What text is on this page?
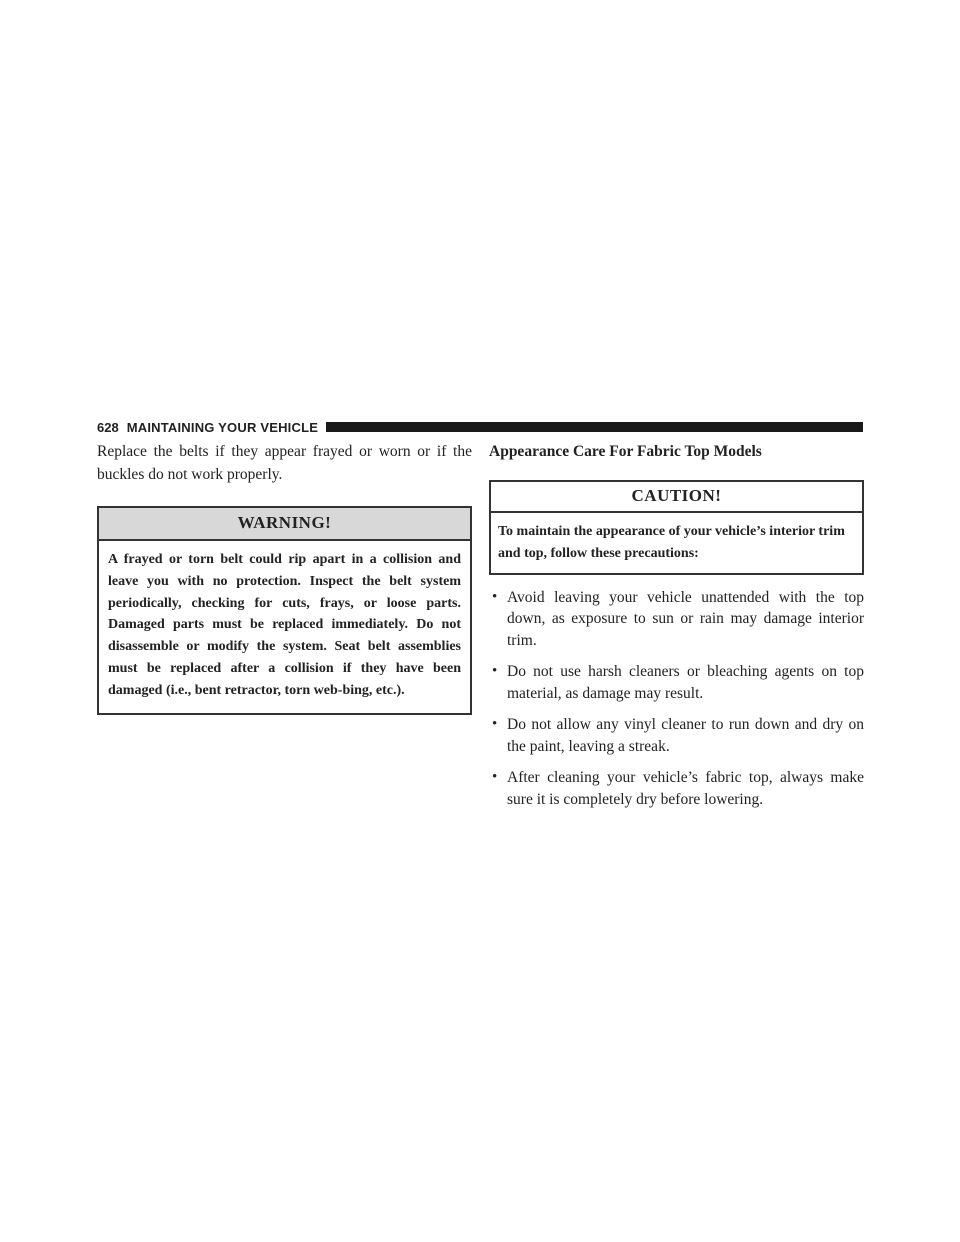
628 MAINTAINING YOUR VEHICLE

Replace the belts if they appear frayed or worn or if the buckles do not work properly.

WARNING!
A frayed or torn belt could rip apart in a collision and leave you with no protection. Inspect the belt system periodically, checking for cuts, frays, or loose parts. Damaged parts must be replaced immediately. Do not disassemble or modify the system. Seat belt assemblies must be replaced after a collision if they have been damaged (i.e., bent retractor, torn web-bing, etc.).

Appearance Care For Fabric Top Models

CAUTION!
To maintain the appearance of your vehicle’s interior trim and top, follow these precautions:
• Avoid leaving your vehicle unattended with the top down, as exposure to sun or rain may damage interior trim.
• Do not use harsh cleaners or bleaching agents on top material, as damage may result.
• Do not allow any vinyl cleaner to run down and dry on the paint, leaving a streak.
• After cleaning your vehicle’s fabric top, always make sure it is completely dry before lowering.
